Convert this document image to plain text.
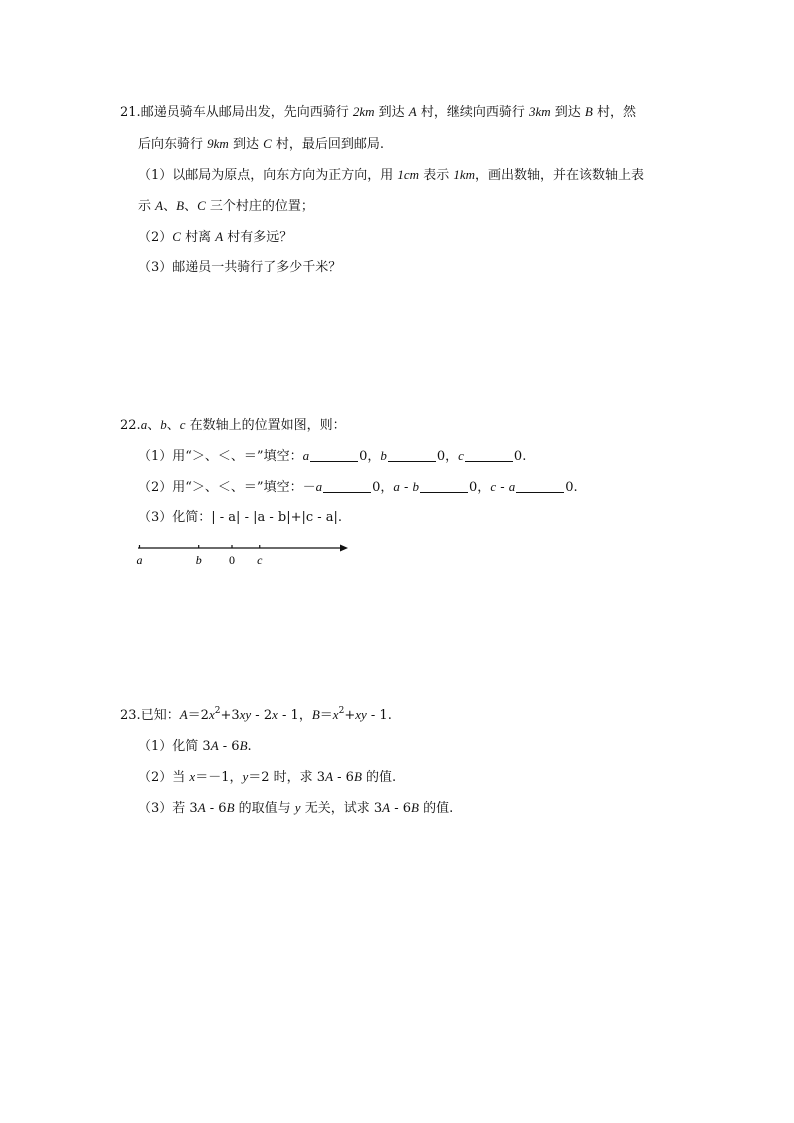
21.邮递员骑车从邮局出发，先向西骑行 2km 到达 A 村，继续向西骑行 3km 到达 B 村，然
后向东骑行 9km 到达 C 村，最后回到邮局.
（1）以邮局为原点，向东方向为正方向，用 1cm 表示 1km，画出数轴，并在该数轴上表
示 A、B、C 三个村庄的位置；
（2）C 村离 A 村有多远？
（3）邮递员一共骑行了多少千米？
22.a、b、c 在数轴上的位置如图，则：
（1）用“＞、＜、＝”填空：a	0，b	0，c	0.
（2）用“＞、＜、＝”填空：－a	0，a - b	0，c - a	0.
（3）化简：| - a| - |a - b|+|c - a|.
a	b 0 c
23.已知：$A=2x^2+3xy - 2x - 1$，$B=x^2+xy - 1$.
（1）化简 3A - 6B.
（2）当 x＝－1，y＝2 时，求 3A - 6B 的值.
（3）若 3A - 6B 的取值与 y 无关，试求 3A - 6B 的值.
